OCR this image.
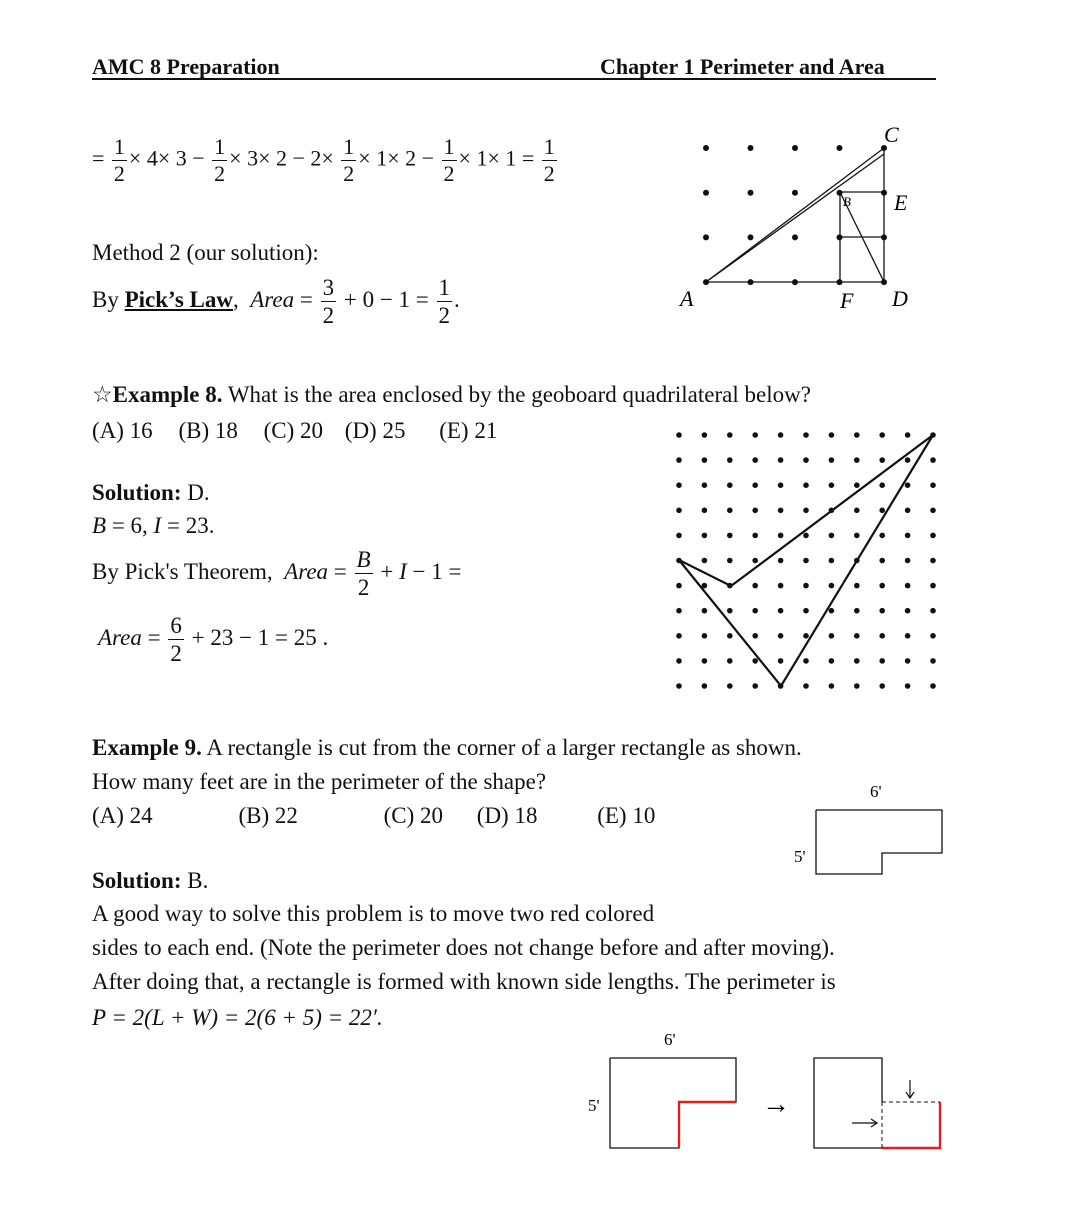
AMC 8 Preparation	Chapter 1 Perimeter and Area
= $\frac{1}{2} \times 4\times 3 - \frac{1}{2} \times 3\times 2 - 2\times \frac{1}{2} \times 1\times 2 - \frac{1}{2} \times 1\times 1 = \frac{1}{2}$
Method 2 (our solution):
By Pick’s Law,  Area = $\frac{3}{2} + 0 - 1 = \frac{1}{2}$ .
C
E
B
A	F D
☆Example 8. What is the area enclosed by the geoboard quadrilateral below?
(A) 16 (B) 18 (C) 20 (D) 25 (E) 21
Solution: D.
B = 6, I = 23.
By Pick's Theorem, Area = $\frac{B}{2} + I - 1$ =
Area = $\frac{6}{2} + 23 - 1 = 25$ .
Example 9. A rectangle is cut from the corner of a larger rectangle as shown.
How many feet are in the perimeter of the shape?
(A) 24	(B) 22	(C) 20 (D) 18	(E) 10
6'
5'
Solution: B.
A good way to solve this problem is to move two red colored
sides to each end. (Note the perimeter does not change before and after moving).
After doing that, a rectangle is formed with known side lengths. The perimeter is
P = 2(L + W) = 2(6 + 5) = 22′.
6'
5'	→
